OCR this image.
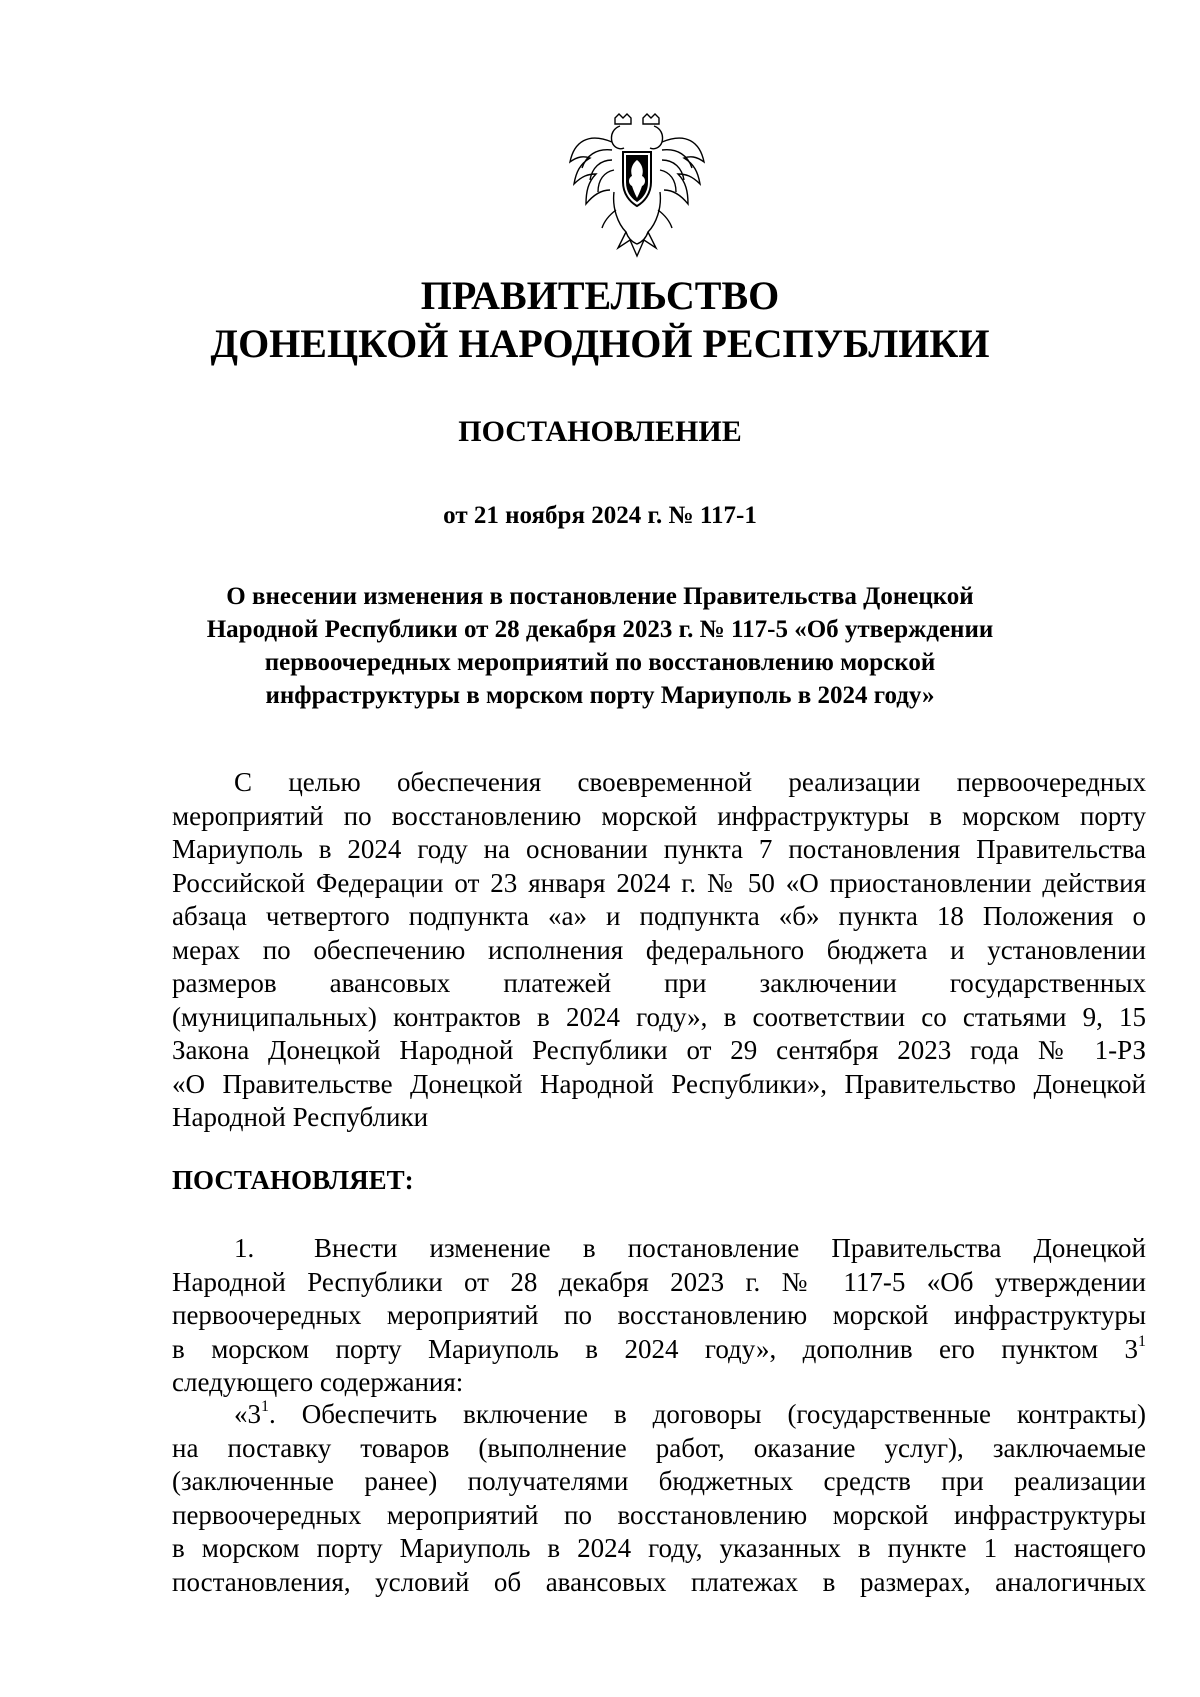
ПРАВИТЕЛЬСТВО
ДОНЕЦКОЙ НАРОДНОЙ РЕСПУБЛИКИ
ПОСТАНОВЛЕНИЕ
от 21 ноября 2024 г. № 117-1
О внесении изменения в постановление Правительства Донецкой
Народной Республики от 28 декабря 2023 г. № 117-5 «Об утверждении
первоочередных мероприятий по восстановлению морской
инфраструктуры в морском порту Мариуполь в 2024 году»
С целью обеспечения своевременной реализации первоочередных
мероприятий по восстановлению морской инфраструктуры в морском порту
Мариуполь в 2024 году на основании пункта 7 постановления Правительства
Российской Федерации от 23 января 2024 г. № 50 «О приостановлении действия
абзаца четвертого подпункта «а» и подпункта «б» пункта 18 Положения о
мерах по обеспечению исполнения федерального бюджета и установлении
размеров авансовых платежей при заключении государственных
(муниципальных) контрактов в 2024 году», в соответствии со статьями 9, 15
Закона Донецкой Народной Республики от 29 сентября 2023 года № 1-РЗ
«О Правительстве Донецкой Народной Республики», Правительство Донецкой
Народной Республики
ПОСТАНОВЛЯЕТ:
1. Внести изменение в постановление Правительства Донецкой
Народной Республики от 28 декабря 2023 г. № 117-5 «Об утверждении
первоочередных мероприятий по восстановлению морской инфраструктуры
в морском порту Мариуполь в 2024 году», дополнив его пунктом $3^1$
следующего содержания:
«$3^1$. Обеспечить включение в договоры (государственные контракты)
на поставку товаров (выполнение работ, оказание услуг), заключаемые
(заключенные ранее) получателями бюджетных средств при реализации
первоочередных мероприятий по восстановлению морской инфраструктуры
в морском порту Мариуполь в 2024 году, указанных в пункте 1 настоящего
постановления, условий об авансовых платежах в размерах, аналогичных
